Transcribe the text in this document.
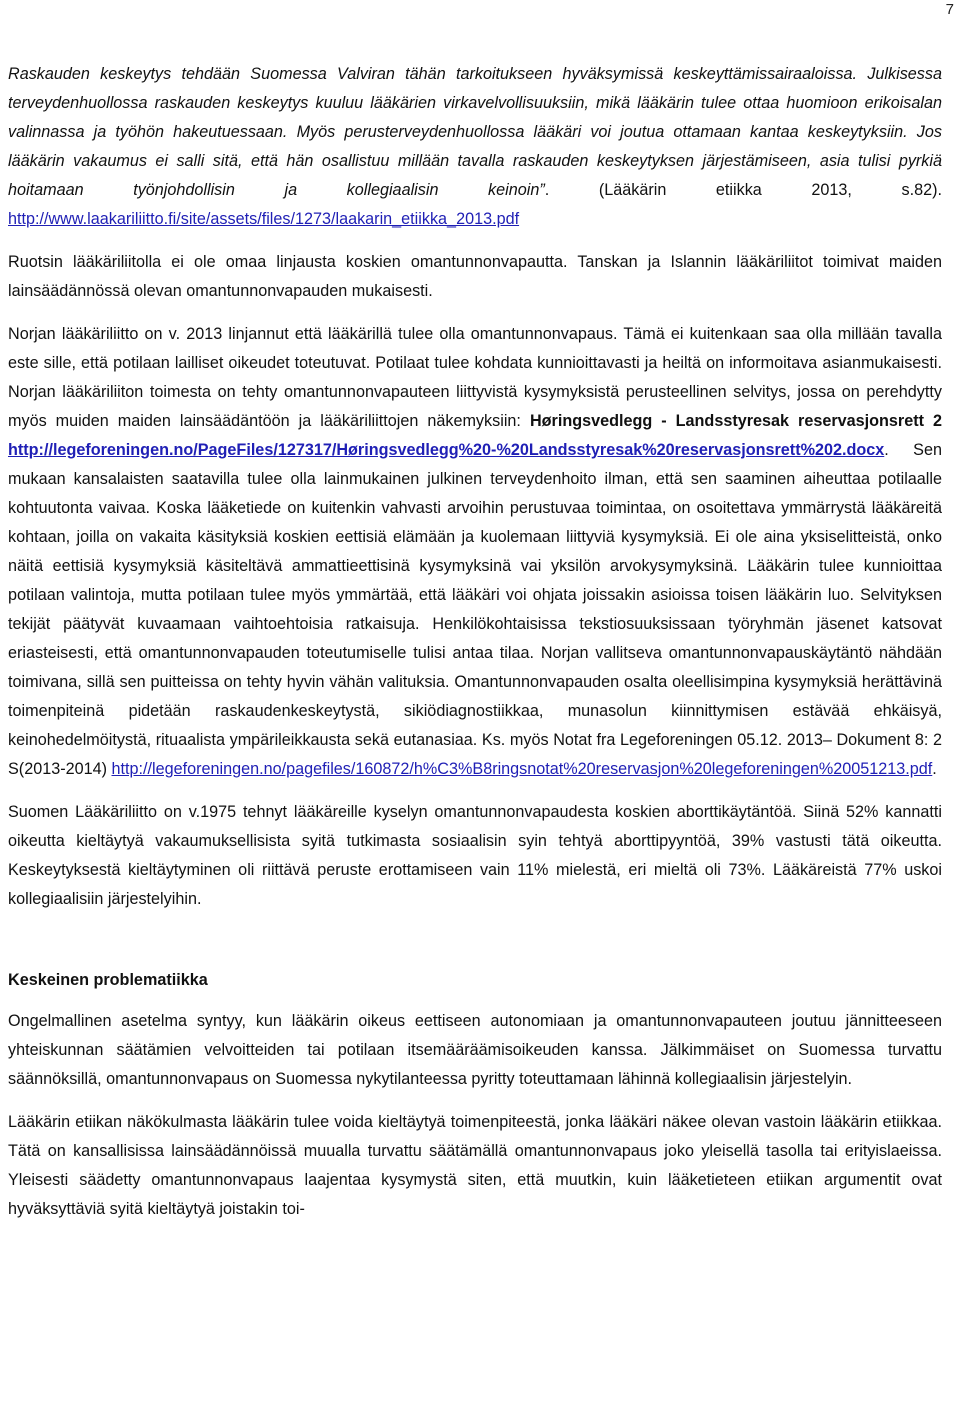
7

Raskauden keskeytys tehdään Suomessa Valviran tähän tarkoitukseen hyväksymissä keskeyttämissairaaloissa. Julkisessa terveydenhuollossa raskauden keskeytys kuuluu lääkärien virkavelvollisuuksiin, mikä lääkärin tulee ottaa huomioon erikoisalan valinnassa ja työhön hakeutuessaan. Myös perusterveydenhuollossa lääkäri voi joutua ottamaan kantaa keskeytyksiin. Jos lääkärin vakaumus ei salli sitä, että hän osallistuu millään tavalla raskauden keskeytyksen järjestämiseen, asia tulisi pyrkiä hoitamaan työnjohdollisin ja kollegiaalisin keinoin”. (Lääkärin etiikka 2013, s.82). http://www.laakariliitto.fi/site/assets/files/1273/laakarin_etiikka_2013.pdf

Ruotsin lääkäriliitolla ei ole omaa linjausta koskien omantunnonvapautta. Tanskan ja Islannin lääkäriliitot toimivat maiden lainsäädännössä olevan omantunnonvapauden mukaisesti.

Norjan lääkäriliitto on v. 2013 linjannut että lääkärillä tulee olla omantunnonvapaus. Tämä ei kuitenkaan saa olla millään tavalla este sille, että potilaan lailliset oikeudet toteutuvat. Potilaat tulee kohdata kunnioittavasti ja heiltä on informoitava asianmukaisesti. Norjan lääkäriliiton toimesta on tehty omantunnonvapauteen liittyvistä kysymyksistä perusteellinen selvitys, jossa on perehdytty myös muiden maiden lainsäädäntöön ja lääkäriliittojen näkemyksiin: Høringsvedlegg - Landsstyresak reservasjonsrett 2 http://legeforeningen.no/PageFiles/127317/Høringsvedlegg%20-%20Landsstyresak%20reservasjonsrett%202.docx. Sen mukaan kansalaisten saatavilla tulee olla lainmukainen julkinen terveydenhoito ilman, että sen saaminen aiheuttaa potilaalle kohtuutonta vaivaa. Koska lääketiede on kuitenkin vahvasti arvoihin perustuvaa toimintaa, on osoitettava ymmärrystä lääkäreitä kohtaan, joilla on vakaita käsityksiä koskien eettisiä elämään ja kuolemaan liittyviä kysymyksiä. Ei ole aina yksiselitteistä, onko näitä eettisiä kysymyksiä käsiteltävä ammattieettisinä kysymyksinä vai yksilön arvokysymyksinä. Lääkärin tulee kunnioittaa potilaan valintoja, mutta potilaan tulee myös ymmärtää, että lääkäri voi ohjata joissakin asioissa toisen lääkärin luo. Selvityksen tekijät päätyvät kuvaamaan vaihtoehtoisia ratkaisuja. Henkilökohtaisissa tekstiosuuksissaan työryhmän jäsenet katsovat eriasteisesti, että omantunnonvapauden toteutumiselle tulisi antaa tilaa. Norjan vallitseva omantunnonvapauskäytäntö nähdään toimivana, sillä sen puitteissa on tehty hyvin vähän valituksia. Omantunnonvapauden osalta oleellisimpina kysymyksiä herättävinä toimenpiteinä pidetään raskaudenkeskeytystä, sikiödiagnostiikkaa, munasolun kiinnittymisen estävää ehkäisyä, keinohedelmöitystä, rituaalista ympärileikkausta sekä eutanasiaa. Ks. myös Notat fra Legeforeningen 05.12. 2013– Dokument 8: 2 S(2013-2014) http://legeforeningen.no/pagefiles/160872/h%C3%B8ringsnotat%20reservasjon%20legeforeningen%20051213.pdf.

Suomen Lääkäriliitto on v.1975 tehnyt lääkäreille kyselyn omantunnonvapaudesta koskien aborttikäytäntöä. Siinä 52% kannatti oikeutta kieltäytyä vakaumuksellisista syitä tutkimasta sosiaalisin syin tehtyä aborttipyyntöä, 39% vastusti tätä oikeutta. Keskeytyksestä kieltäytyminen oli riittävä peruste erottamiseen vain 11% mielestä, eri mieltä oli 73%. Lääkäreistä 77% uskoi kollegiaalisiin järjestelyihin.

Keskeinen problematiikka

Ongelmallinen asetelma syntyy, kun lääkärin oikeus eettiseen autonomiaan ja omantunnonvapauteen joutuu jännitteeseen yhteiskunnan säätämien velvoitteiden tai potilaan itsemääräämisoikeuden kanssa. Jälkimmäiset on Suomessa turvattu säännöksillä, omantunnonvapaus on Suomessa nykytilanteessa pyritty toteuttamaan lähinnä kollegiaalisin järjestelyin.

Lääkärin etiikan näkökulmasta lääkärin tulee voida kieltäytyä toimenpiteestä, jonka lääkäri näkee olevan vastoin lääkärin etiikkaa. Tätä on kansallisissa lainsäädännöissä muualla turvattu säätämällä omantunnonvapaus joko yleisellä tasolla tai erityislaeissa. Yleisesti säädetty omantunnonvapaus laajentaa kysymystä siten, että muutkin, kuin lääketieteen etiikan argumentit ovat hyväksyttäviä syitä kieltäytyä joistakin toi-
